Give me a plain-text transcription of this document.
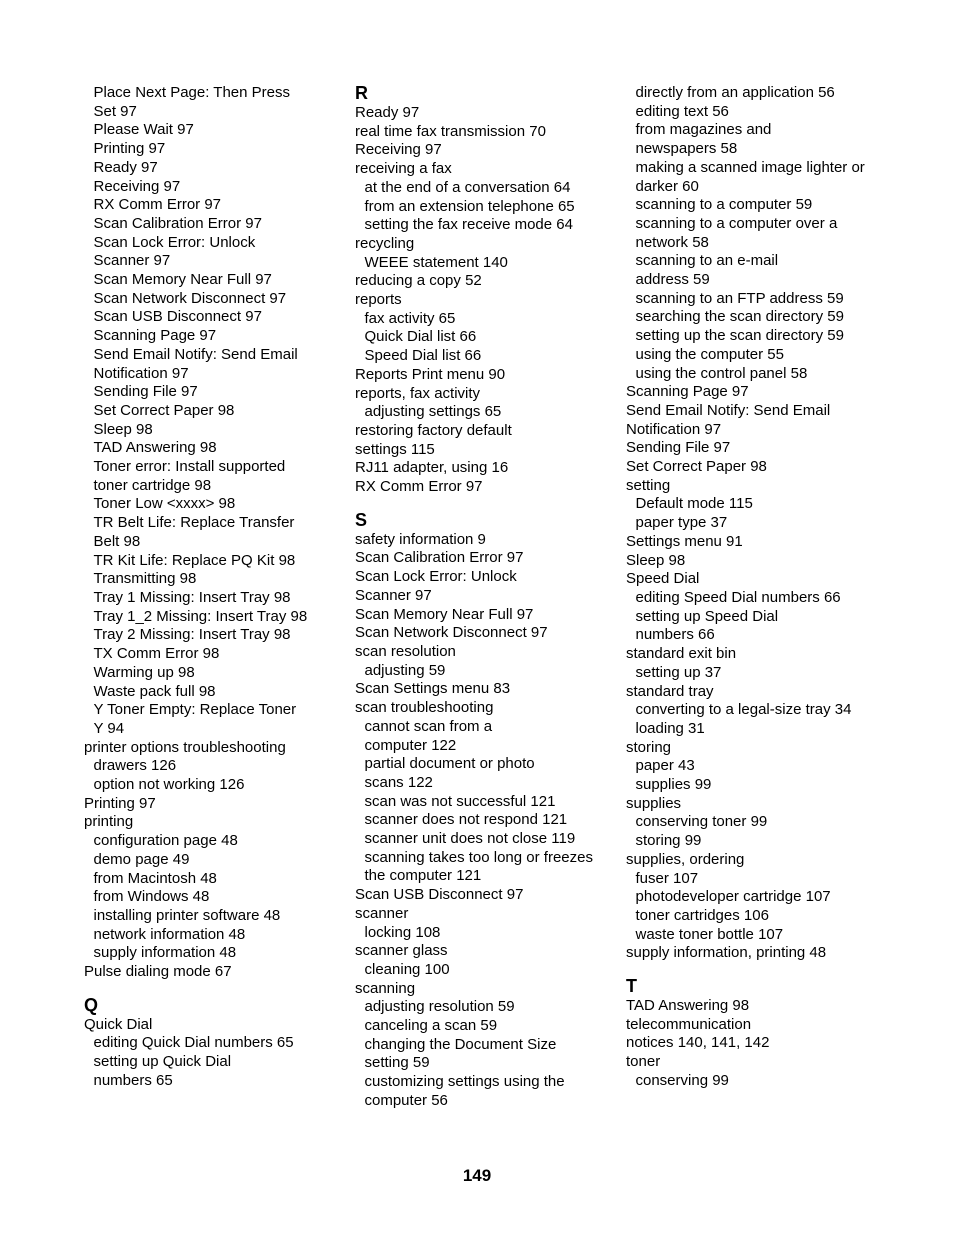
Place Next Page: Then Press
Set 97
Please Wait 97
Printing 97
Ready 97
Receiving 97
RX Comm Error 97
Scan Calibration Error 97
Scan Lock Error: Unlock
Scanner 97
Scan Memory Near Full 97
Scan Network Disconnect 97
Scan USB Disconnect 97
Scanning Page 97
Send Email Notify: Send Email
Notification 97
Sending File 97
Set Correct Paper 98
Sleep 98
TAD Answering 98
Toner error: Install supported
toner cartridge 98
Toner Low <xxxx> 98
TR Belt Life: Replace Transfer
Belt 98
TR Kit Life: Replace PQ Kit 98
Transmitting 98
Tray 1 Missing: Insert Tray 98
Tray 1_2 Missing: Insert Tray 98
Tray 2 Missing: Insert Tray 98
TX Comm Error 98
Warming up 98
Waste pack full 98
Y Toner Empty: Replace Toner
Y 94
printer options troubleshooting
drawers 126
option not working 126
Printing 97
printing
configuration page 48
demo page 49
from Macintosh 48
from Windows 48
installing printer software 48
network information 48
supply information 48
Pulse dialing mode 67
Q
Quick Dial
editing Quick Dial numbers 65
setting up Quick Dial
numbers 65
R
Ready 97
real time fax transmission 70
Receiving 97
receiving a fax
at the end of a conversation 64
from an extension telephone 65
setting the fax receive mode 64
recycling
WEEE statement 140
reducing a copy 52
reports
fax activity 65
Quick Dial list 66
Speed Dial list 66
Reports Print menu 90
reports, fax activity
adjusting settings 65
restoring factory default
settings 115
RJ11 adapter, using 16
RX Comm Error 97
S
safety information 9
Scan Calibration Error 97
Scan Lock Error: Unlock
Scanner 97
Scan Memory Near Full 97
Scan Network Disconnect 97
scan resolution
adjusting 59
Scan Settings menu 83
scan troubleshooting
cannot scan from a
computer 122
partial document or photo
scans 122
scan was not successful 121
scanner does not respond 121
scanner unit does not close 119
scanning takes too long or freezes
the computer 121
Scan USB Disconnect 97
scanner
locking 108
scanner glass
cleaning 100
scanning
adjusting resolution 59
canceling a scan 59
changing the Document Size
setting 59
customizing settings using the
computer 56
directly from an application 56
editing text 56
from magazines and
newspapers 58
making a scanned image lighter or
darker 60
scanning to a computer 59
scanning to a computer over a
network 58
scanning to an e-mail
address 59
scanning to an FTP address 59
searching the scan directory 59
setting up the scan directory 59
using the computer 55
using the control panel 58
Scanning Page 97
Send Email Notify: Send Email
Notification 97
Sending File 97
Set Correct Paper 98
setting
Default mode 115
paper type 37
Settings menu 91
Sleep 98
Speed Dial
editing Speed Dial numbers 66
setting up Speed Dial
numbers 66
standard exit bin
setting up 37
standard tray
converting to a legal-size tray 34
loading 31
storing
paper 43
supplies 99
supplies
conserving toner 99
storing 99
supplies, ordering
fuser 107
photodeveloper cartridge 107
toner cartridges 106
waste toner bottle 107
supply information, printing 48
T
TAD Answering 98
telecommunication
notices 140, 141, 142
toner
conserving 99
149
